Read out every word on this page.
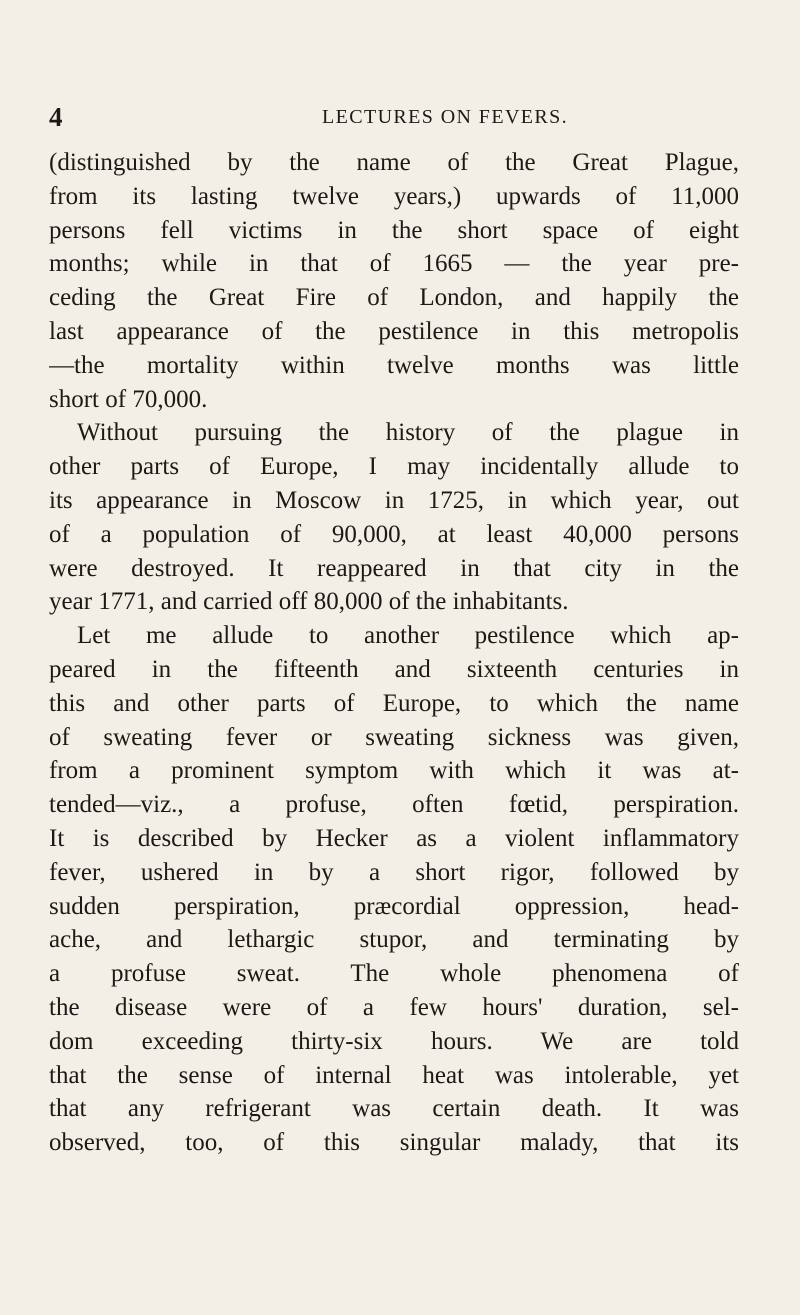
4	LECTURES ON FEVERS.
(distinguished by the name of the Great Plague,
from its lasting twelve years,) upwards of 11,000
persons fell victims in the short space of eight
months; while in that of 1665 — the year pre-
ceding the Great Fire of London, and happily the
last appearance of the pestilence in this metropolis
—the mortality within twelve months was little
short of 70,000.
Without pursuing the history of the plague in
other parts of Europe, I may incidentally allude to
its appearance in Moscow in 1725, in which year, out
of a population of 90,000, at least 40,000 persons
were destroyed. It reappeared in that city in the
year 1771, and carried off 80,000 of the inhabitants.
Let me allude to another pestilence which ap-
peared in the fifteenth and sixteenth centuries in
this and other parts of Europe, to which the name
of sweating fever or sweating sickness was given,
from a prominent symptom with which it was at-
tended—viz., a profuse, often fœtid, perspiration.
It is described by Hecker as a violent inflammatory
fever, ushered in by a short rigor, followed by
sudden perspiration, præcordial oppression, head-
ache, and lethargic stupor, and terminating by
a profuse sweat. The whole phenomena of
the disease were of a few hours' duration, sel-
dom exceeding thirty-six hours. We are told
that the sense of internal heat was intolerable, yet
that any refrigerant was certain death. It was
observed, too, of this singular malady, that its
